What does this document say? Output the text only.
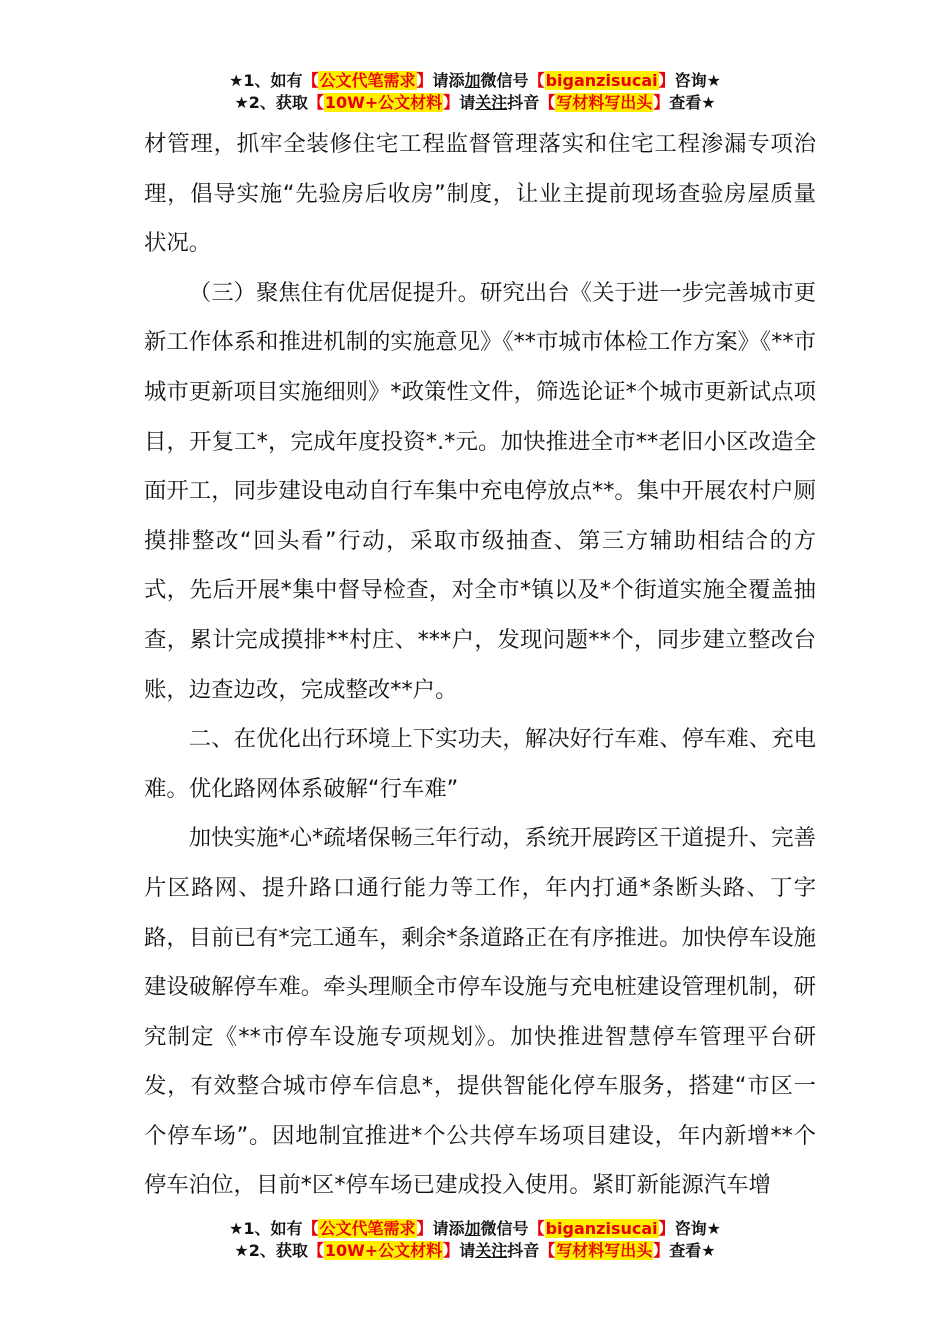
★1、如有【公文代笔需求】请添加微信号【biganzisucai】咨询★
★2、获取【10W+公文材料】请关注抖音【写材料写出头】查看★

材管理，抓牢全装修住宅工程监督管理落实和住宅工程渗漏专项治理，倡导实施“先验房后收房”制度，让业主提前现场查验房屋质量状况。

（三）聚焦住有优居促提升。研究出台《关于进一步完善城市更新工作体系和推进机制的实施意见》《**市城市体检工作方案》《**市城市更新项目实施细则》*政策性文件，筛选论证*个城市更新试点项目，开复工*，完成年度投资*.*元。加快推进全市**老旧小区改造全面开工，同步建设电动自行车集中充电停放点**。集中开展农村户厕摸排整改“回头看”行动，采取市级抽查、第三方辅助相结合的方式，先后开展*集中督导检查，对全市*镇以及*个街道实施全覆盖抽查，累计完成摸排**村庄、***户，发现问题**个，同步建立整改台账，边查边改，完成整改**户。

二、在优化出行环境上下实功夫，解决好行车难、停车难、充电难。优化路网体系破解“行车难”

加快实施*心*疏堵保畅三年行动，系统开展跨区干道提升、完善片区路网、提升路口通行能力等工作，年内打通*条断头路、丁字路，目前已有*完工通车，剩余*条道路正在有序推进。加快停车设施建设破解停车难。牵头理顺全市停车设施与充电桩建设管理机制，研究制定《**市停车设施专项规划》。加快推进智慧停车管理平台研发，有效整合城市停车信息*，提供智能化停车服务，搭建“市区一个停车场”。因地制宜推进*个公共停车场项目建设，年内新增**个停车泊位，目前*区*停车场已建成投入使用。紧盯新能源汽车增

★1、如有【公文代笔需求】请添加微信号【biganzisucai】咨询★
★2、获取【10W+公文材料】请关注抖音【写材料写出头】查看★
